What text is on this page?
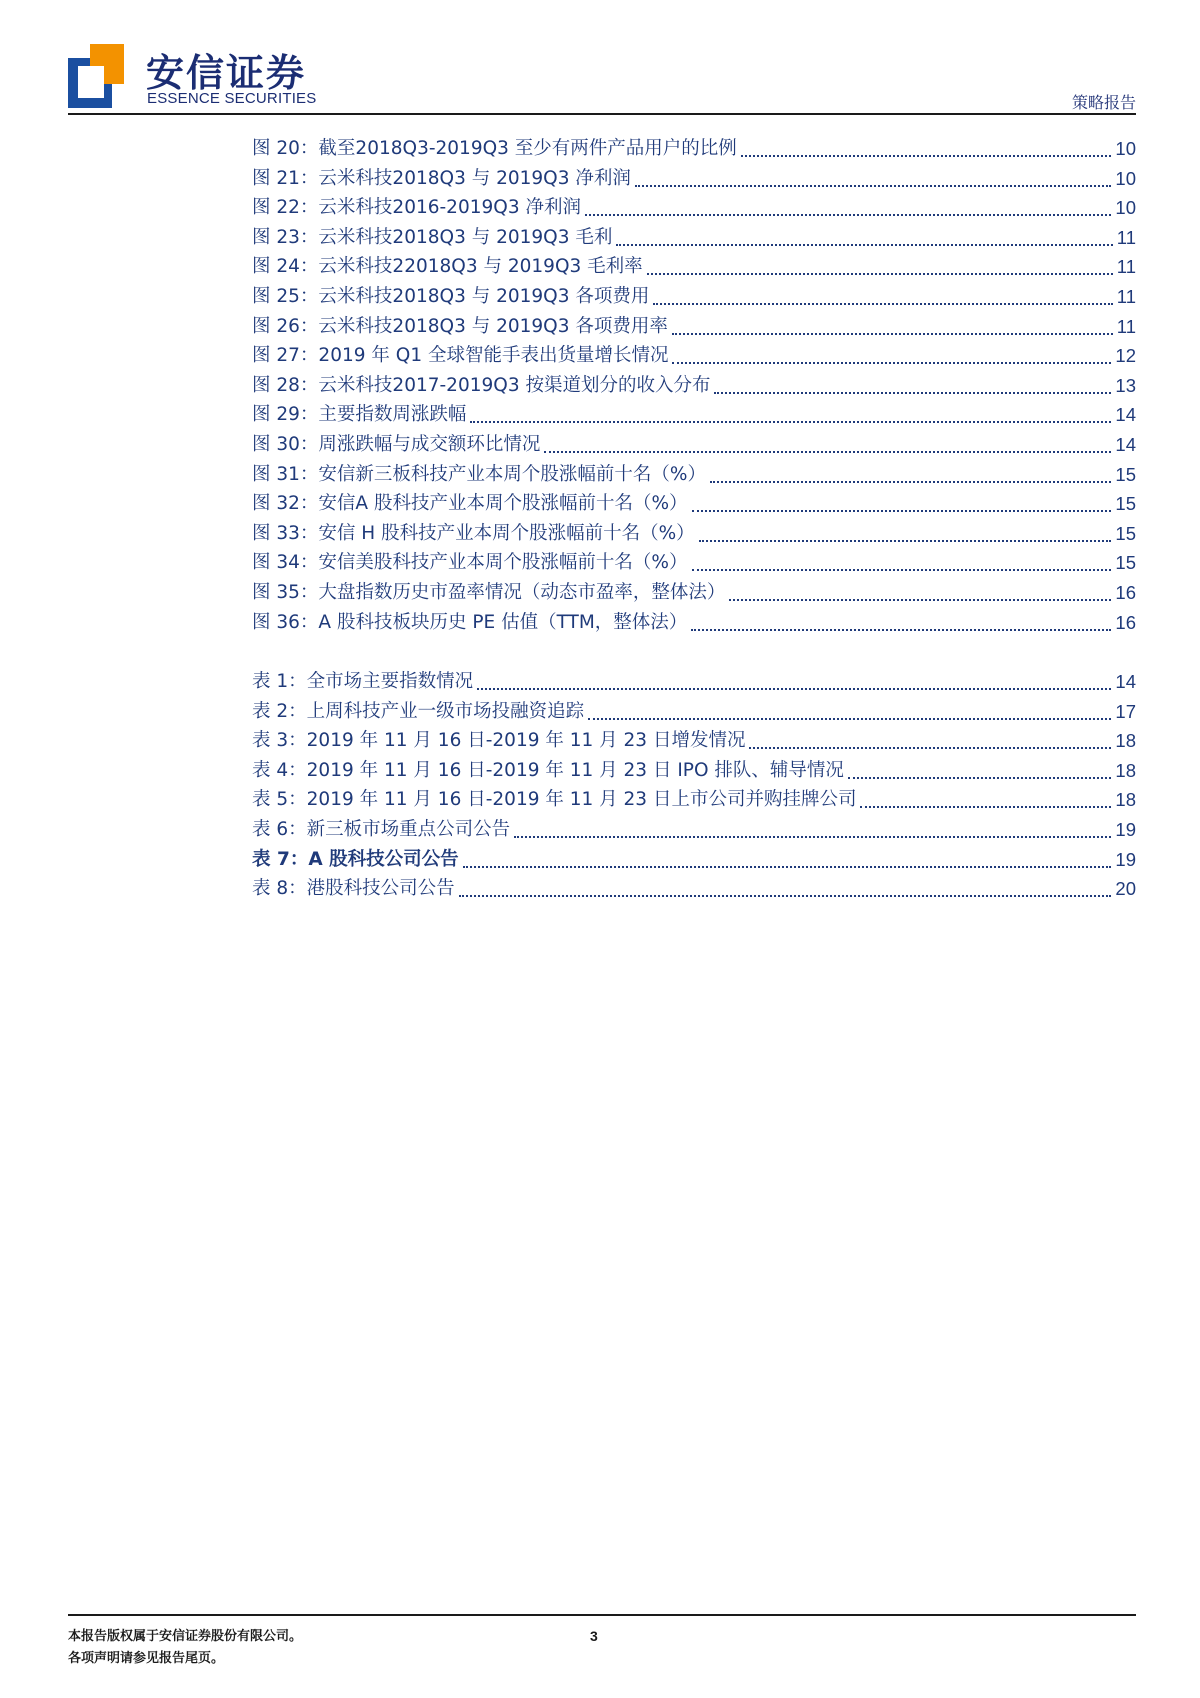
安信证券
ESSENCE SECURITIES	策略报告
图 20：截至2018Q3-2019Q3 至少有两件产品用户的比例	10
图 21：云米科技2018Q3 与 2019Q3 净利润	10
图 22：云米科技2016-2019Q3 净利润	10
图 23：云米科技2018Q3 与 2019Q3 毛利	11
图 24：云米科技22018Q3 与 2019Q3 毛利率	11
图 25：云米科技2018Q3 与 2019Q3 各项费用	11
图 26：云米科技2018Q3 与 2019Q3 各项费用率	11
图 27：2019 年 Q1 全球智能手表出货量增长情况	12
图 28：云米科技2017-2019Q3 按渠道划分的收入分布	13
图 29：主要指数周涨跌幅	14
图 30：周涨跌幅与成交额环比情况	14
图 31：安信新三板科技产业本周个股涨幅前十名（%）	15
图 32：安信A 股科技产业本周个股涨幅前十名（%）	15
图 33：安信 H 股科技产业本周个股涨幅前十名（%）	15
图 34：安信美股科技产业本周个股涨幅前十名（%）	15
图 35：大盘指数历史市盈率情况（动态市盈率，整体法）	16
图 36：A 股科技板块历史 PE 估值（TTM，整体法）	16
表 1：全市场主要指数情况	14
表 2：上周科技产业一级市场投融资追踪	17
表 3：2019 年 11 月 16 日-2019 年 11 月 23 日增发情况	18
表 4：2019 年 11 月 16 日-2019 年 11 月 23 日 IPO 排队、辅导情况	18
表 5：2019 年 11 月 16 日-2019 年 11 月 23 日上市公司并购挂牌公司	18
表 6：新三板市场重点公司公告	19
表 7：A 股科技公司公告	19
表 8：港股科技公司公告	20
本报告版权属于安信证券股份有限公司。
各项声明请参见报告尾页。
3
